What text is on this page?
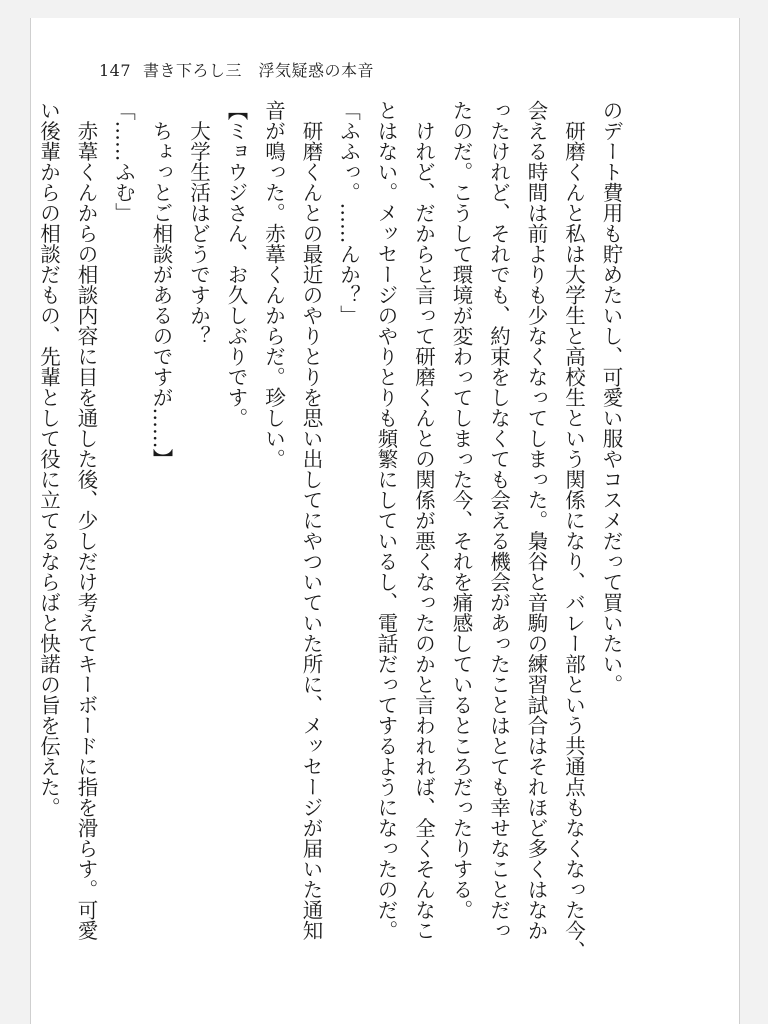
147 書き下ろし三　浮気疑惑の本音

のデート費用も貯めたいし、可愛い服やコスメだって買いたい。

　研磨くんと私は大学生と高校生という関係になり、バレー部という共通点もなくなった今、

会える時間は前よりも少なくなってしまった。梟谷と音駒の練習試合はそれほど多くはなか

ったけれど、それでも、約束をしなくても会える機会があったことはとても幸せなことだっ

たのだ。こうして環境が変わってしまった今、それを痛感しているところだったりする。

　けれど、だからと言って研磨くんとの関係が悪くなったのかと言われれば、全くそんなこ

とはない。メッセージのやりとりも頻繁にしているし、電話だってするようになったのだ。

「ふふっ。……んか？」

　研磨くんとの最近のやりとりを思い出してにやついていた所に、メッセージが届いた通知

音が鳴った。赤葦くんからだ。珍しい。

【ミョウジさん、お久しぶりです。

　大学生活はどうですか？

　ちょっとご相談があるのですが……】

「……ふむ」

　赤葦くんからの相談内容に目を通した後、少しだけ考えてキーボードに指を滑らす。可愛

い後輩からの相談だもの、先輩として役に立てるならばと快諾の旨を伝えた。
